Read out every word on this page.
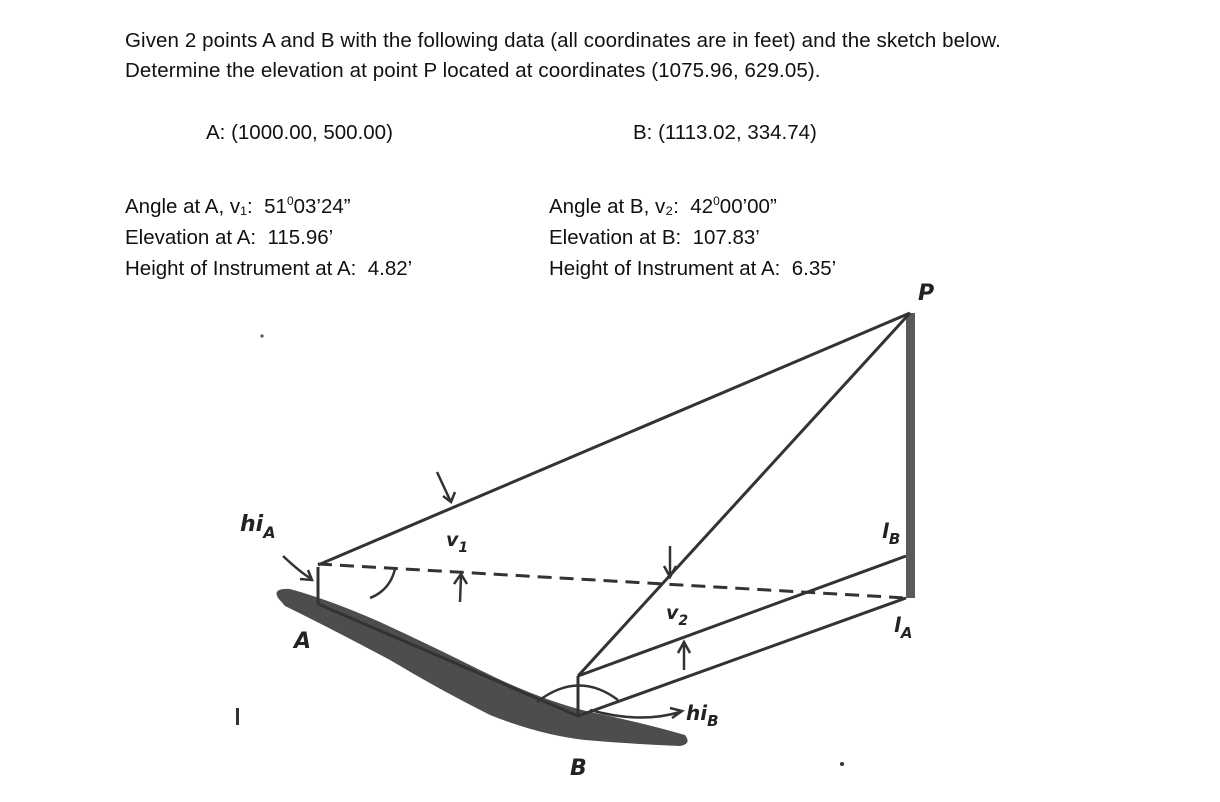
Given 2 points A and B with the following data (all coordinates are in feet) and the sketch below.
Determine the elevation at point P located at coordinates (1075.96, 629.05).
A: (1000.00, 500.00)	B: (1113.02, 334.74)
Angle at A, v₁: $51^003’24$”
Elevation at A: 115.96’
Height of Instrument at A: 4.82’
Angle at B, v₂: $42^000’00$”
Elevation at B: 107.83’
Height of Instrument at A: 6.35’
P
A
B
$hi_A$
$hi_B$
$v_1$
$v_2$
$l_B$
$l_A$
